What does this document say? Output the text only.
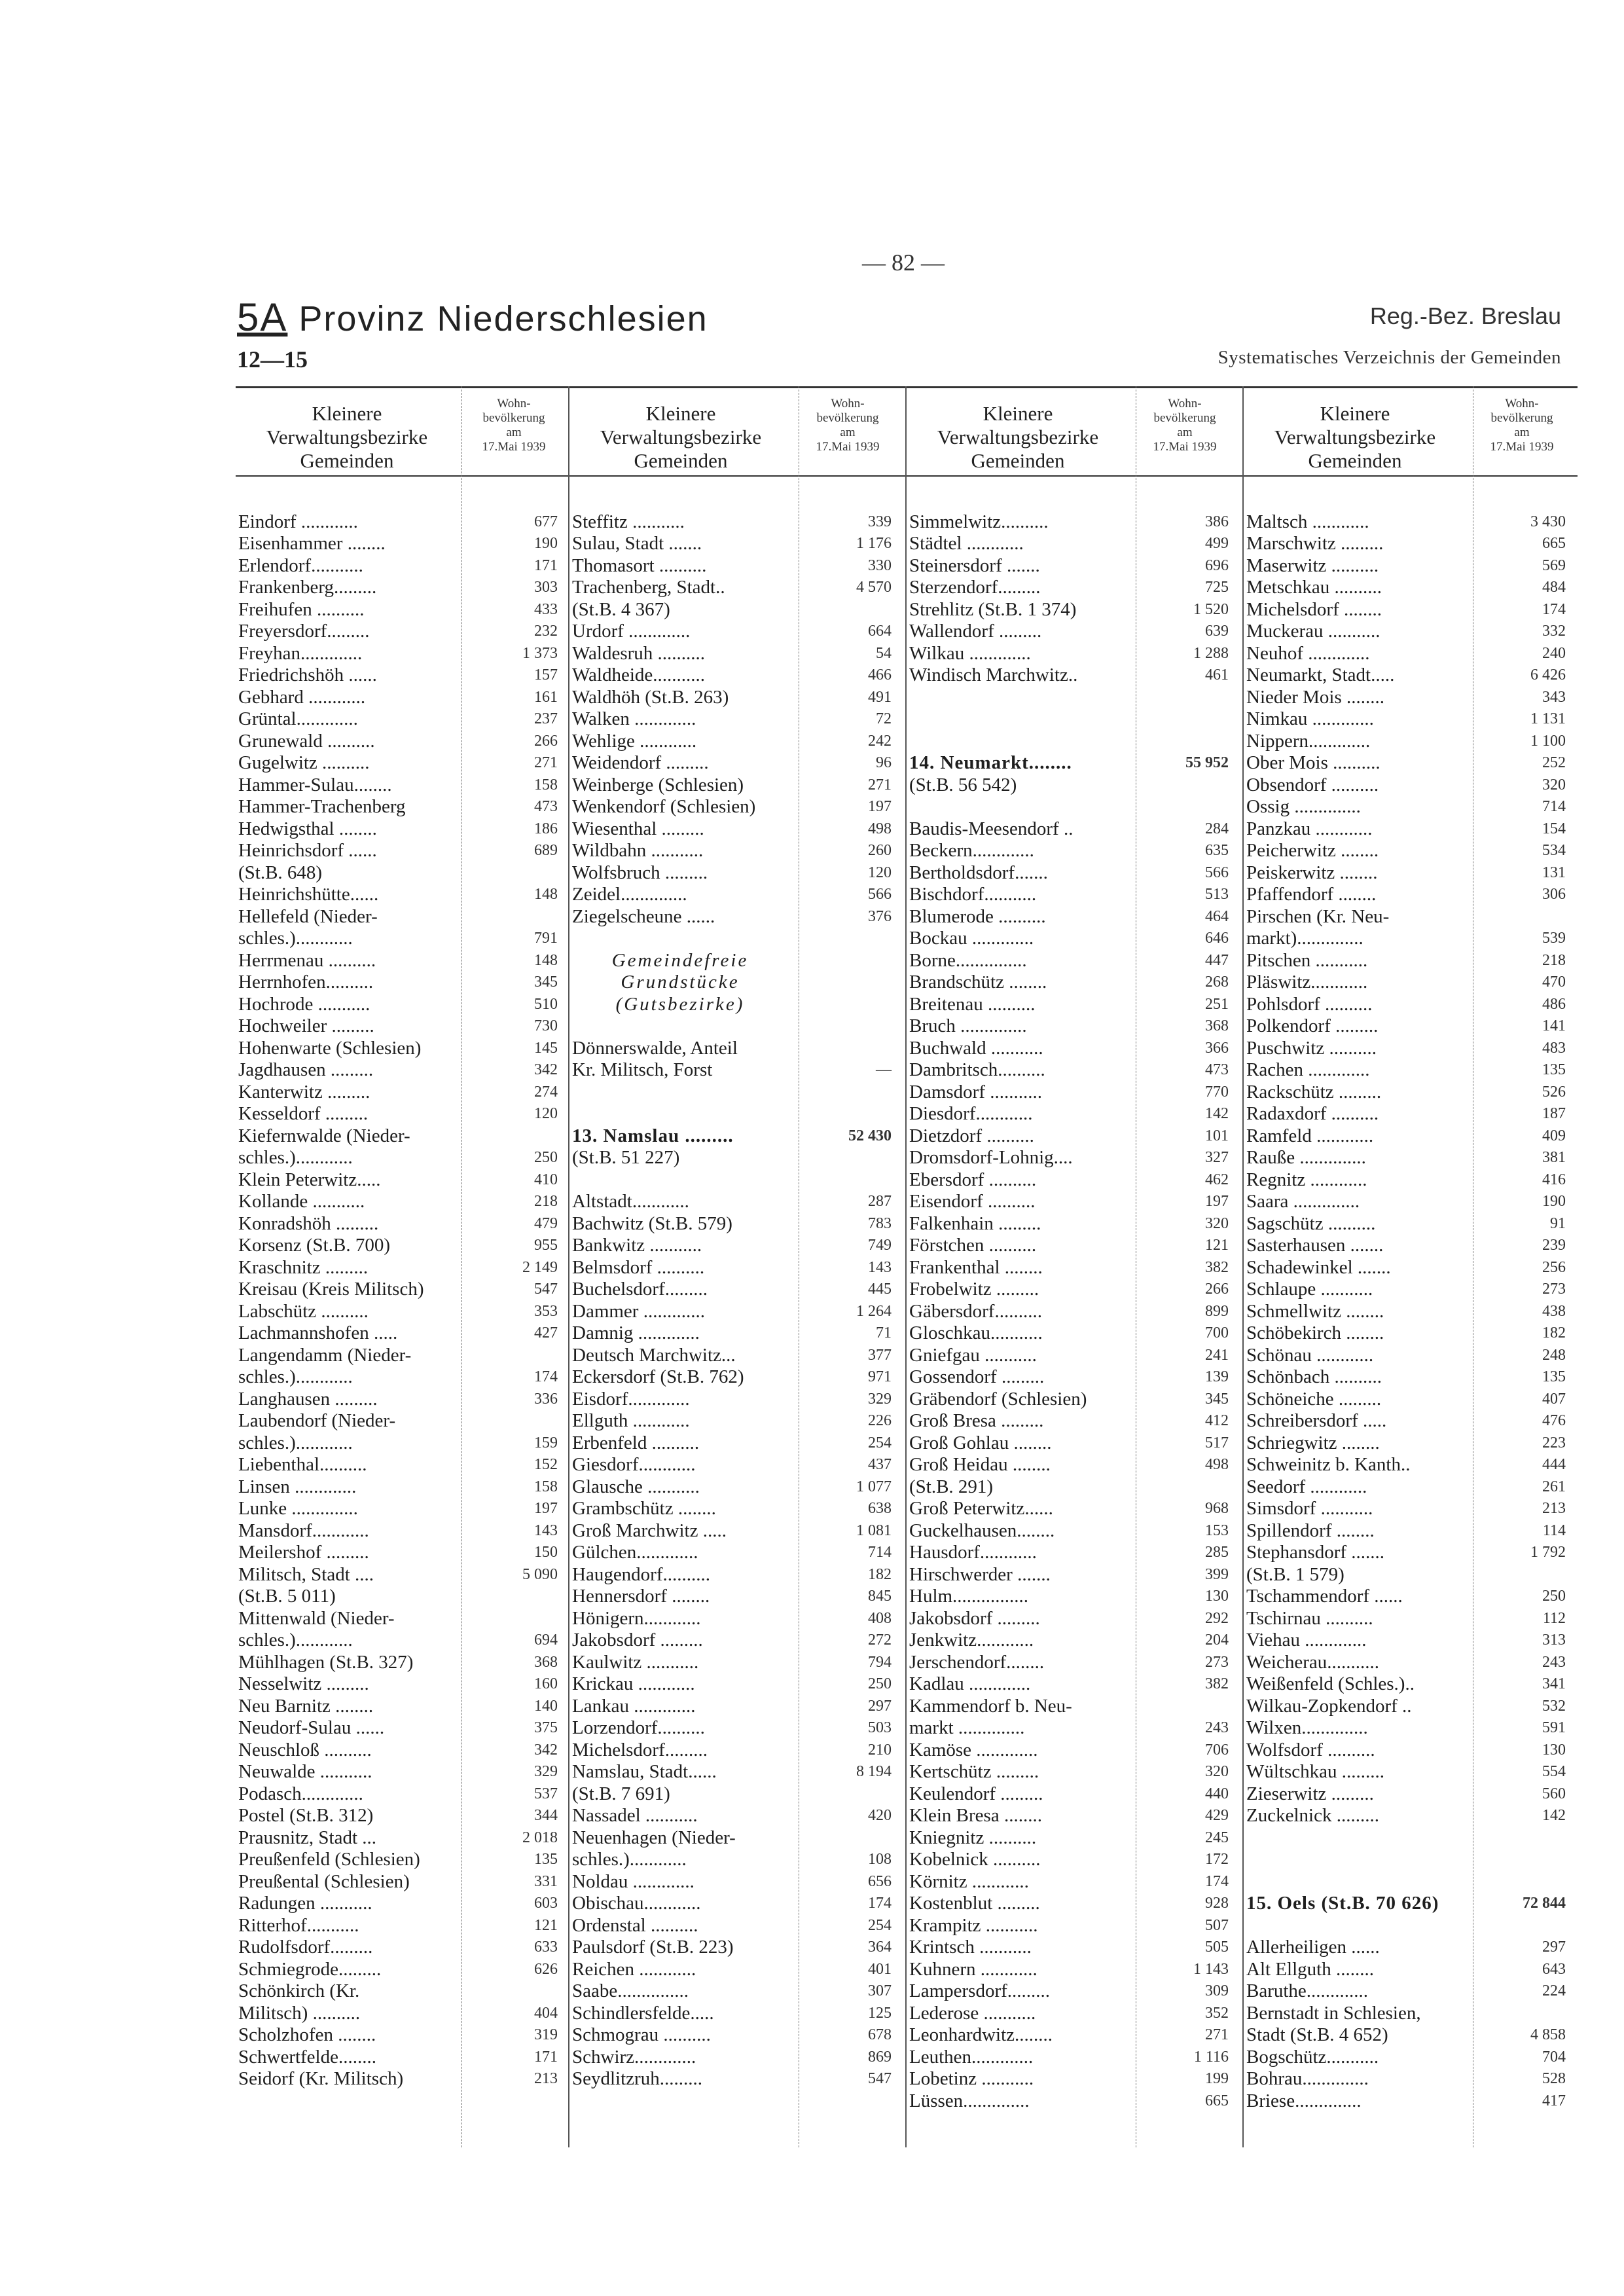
— 82 —
5A Provinz Niederschlesien	Reg.-Bez. Breslau
12—15	Systematisches Verzeichnis der Gemeinden
Kleinere
Verwaltungsbezirke
Gemeinden
Wohn-
bevölkerung
am
17.Mai 1939
Eindorf ............	677
Eisenhammer ........	190
Erlendorf...........	171
Frankenberg.........	303
Freihufen ..........	433
Freyersdorf.........	232
Freyhan.............	1 373
Friedrichshöh ......	157
Gebhard ............	161
Grüntal.............	237
Grunewald ..........	266
Gugelwitz ..........	271
Hammer-Sulau........	158
Hammer-Trachenberg	473
Hedwigsthal ........	186
Heinrichsdorf ......	689
(St.B. 648)
Heinrichshütte......	148
Hellefeld (Nieder-
schles.)............	791
Herrmenau ..........	148
Herrnhofen..........	345
Hochrode ...........	510
Hochweiler .........	730
Hohenwarte (Schlesien)	145
Jagdhausen .........	342
Kanterwitz .........	274
Kesseldorf .........	120
Kiefernwalde (Nieder-
schles.)............	250
Klein Peterwitz.....	410
Kollande ...........	218
Konradshöh .........	479
Korsenz (St.B. 700)	955
Kraschnitz .........	2 149
Kreisau (Kreis Militsch)	547
Labschütz ..........	353
Lachmannshofen .....	427
Langendamm (Nieder-
schles.)............	174
Langhausen .........	336
Laubendorf (Nieder-
schles.)............	159
Liebenthal..........	152
Linsen .............	158
Lunke ..............	197
Mansdorf............	143
Meilershof .........	150
Militsch, Stadt ....	5 090
(St.B. 5 011)
Mittenwald (Nieder-
schles.)............	694
Mühlhagen (St.B. 327)	368
Nesselwitz .........	160
Neu Barnitz ........	140
Neudorf-Sulau ......	375
Neuschloß ..........	342
Neuwalde ...........	329
Podasch.............	537
Postel (St.B. 312)	344
Prausnitz, Stadt ...	2 018
Preußenfeld (Schlesien)	135
Preußental (Schlesien)	331
Radungen ...........	603
Ritterhof...........	121
Rudolfsdorf.........	633
Schmiegrode.........	626
Schönkirch (Kr.
Militsch) ..........	404
Scholzhofen ........	319
Schwertfelde........	171
Seidorf (Kr. Militsch)	213
Kleinere
Verwaltungsbezirke
Gemeinden
Wohn-
bevölkerung
am
17.Mai 1939
Steffitz ...........	339
Sulau, Stadt .......	1 176
Thomasort ..........	330
Trachenberg, Stadt..	4 570
(St.B. 4 367)
Urdorf .............	664
Waldesruh ..........	54
Waldheide...........	466
Waldhöh (St.B. 263)	491
Walken .............	72
Wehlige ............	242
Weidendorf .........	96
Weinberge (Schlesien)	271
Wenkendorf (Schlesien)	197
Wiesenthal .........	498
Wildbahn ...........	260
Wolfsbruch .........	120
Zeidel..............	566
Ziegelscheune ......	376
Gemeindefreie
Grundstücke
(Gutsbezirke)
Dönnerswalde, Anteil
Kr. Militsch, Forst	—
13. Namslau .........	52 430
(St.B. 51 227)
Altstadt............	287
Bachwitz (St.B. 579)	783
Bankwitz ...........	749
Belmsdorf ..........	143
Buchelsdorf.........	445
Dammer .............	1 264
Damnig .............	71
Deutsch Marchwitz...	377
Eckersdorf (St.B. 762)	971
Eisdorf.............	329
Ellguth ............	226
Erbenfeld ..........	254
Giesdorf............	437
Glausche ...........	1 077
Grambschütz ........	638
Groß Marchwitz .....	1 081
Gülchen.............	714
Haugendorf..........	182
Hennersdorf ........	845
Hönigern............	408
Jakobsdorf .........	272
Kaulwitz ...........	794
Krickau ............	250
Lankau .............	297
Lorzendorf..........	503
Michelsdorf.........	210
Namslau, Stadt......	8 194
(St.B. 7 691)
Nassadel ...........	420
Neuenhagen (Nieder-
schles.)............	108
Noldau .............	656
Obischau............	174
Ordenstal ..........	254
Paulsdorf (St.B. 223)	364
Reichen ............	401
Saabe...............	307
Schindlersfelde.....	125
Schmograu ..........	678
Schwirz.............	869
Seydlitzruh.........	547
Kleinere
Verwaltungsbezirke
Gemeinden
Wohn-
bevölkerung
am
17.Mai 1939
Simmelwitz..........	386
Städtel ............	499
Steinersdorf .......	696
Sterzendorf.........	725
Strehlitz (St.B. 1 374)	1 520
Wallendorf .........	639
Wilkau .............	1 288
Windisch Marchwitz..	461
14. Neumarkt........	55 952
(St.B. 56 542)
Baudis-Meesendorf ..	284
Beckern.............	635
Bertholdsdorf.......	566
Bischdorf...........	513
Blumerode ..........	464
Bockau .............	646
Borne...............	447
Brandschütz ........	268
Breitenau ..........	251
Bruch ..............	368
Buchwald ...........	366
Dambritsch..........	473
Damsdorf ...........	770
Diesdorf............	142
Dietzdorf ..........	101
Dromsdorf-Lohnig....	327
Ebersdorf ..........	462
Eisendorf ..........	197
Falkenhain .........	320
Förstchen ..........	121
Frankenthal ........	382
Frobelwitz .........	266
Gäbersdorf..........	899
Gloschkau...........	700
Gniefgau ...........	241
Gossendorf .........	139
Gräbendorf (Schlesien)	345
Groß Bresa .........	412
Groß Gohlau ........	517
Groß Heidau ........	498
(St.B. 291)
Groß Peterwitz......	968
Guckelhausen........	153
Hausdorf............	285
Hirschwerder .......	399
Hulm................	130
Jakobsdorf .........	292
Jenkwitz............	204
Jerschendorf........	273
Kadlau .............	382
Kammendorf b. Neu-
markt ..............	243
Kamöse .............	706
Kertschütz .........	320
Keulendorf .........	440
Klein Bresa ........	429
Kniegnitz ..........	245
Kobelnick ..........	172
Körnitz ............	174
Kostenblut .........	928
Krampitz ...........	507
Krintsch ...........	505
Kuhnern ............	1 143
Lampersdorf.........	309
Lederose ...........	352
Leonhardwitz........	271
Leuthen.............	1 116
Lobetinz ...........	199
Lüssen..............	665
Kleinere
Verwaltungsbezirke
Gemeinden
Wohn-
bevölkerung
am
17.Mai 1939
Maltsch ............	3 430
Marschwitz .........	665
Maserwitz ..........	569
Metschkau ..........	484
Michelsdorf ........	174
Muckerau ...........	332
Neuhof .............	240
Neumarkt, Stadt.....	6 426
Nieder Mois ........	343
Nimkau .............	1 131
Nippern.............	1 100
Ober Mois ..........	252
Obsendorf ..........	320
Ossig ..............	714
Panzkau ............	154
Peicherwitz ........	534
Peiskerwitz ........	131
Pfaffendorf ........	306
Pirschen (Kr. Neu-
markt)..............	539
Pitschen ...........	218
Pläswitz............	470
Pohlsdorf ..........	486
Polkendorf .........	141
Puschwitz ..........	483
Rachen .............	135
Rackschütz .........	526
Radaxdorf ..........	187
Ramfeld ............	409
Rauße ..............	381
Regnitz ............	416
Saara ..............	190
Sagschütz ..........	91
Sasterhausen .......	239
Schadewinkel .......	256
Schlaupe ...........	273
Schmellwitz ........	438
Schöbekirch ........	182
Schönau ............	248
Schönbach ..........	135
Schöneiche .........	407
Schreibersdorf .....	476
Schriegwitz ........	223
Schweinitz b. Kanth..	444
Seedorf ............	261
Simsdorf ...........	213
Spillendorf ........	114
Stephansdorf .......	1 792
(St.B. 1 579)
Tschammendorf ......	250
Tschirnau ..........	112
Viehau .............	313
Weicherau...........	243
Weißenfeld (Schles.)..	341
Wilkau-Zopkendorf ..	532
Wilxen..............	591
Wolfsdorf ..........	130
Wültschkau .........	554
Zieserwitz .........	560
Zuckelnick .........	142
15. Oels (St.B. 70 626)	72 844
Allerheiligen ......	297
Alt Ellguth ........	643
Baruthe.............	224
Bernstadt in Schlesien,
Stadt (St.B. 4 652)	4 858
Bogschütz...........	704
Bohrau..............	528
Briese..............	417
